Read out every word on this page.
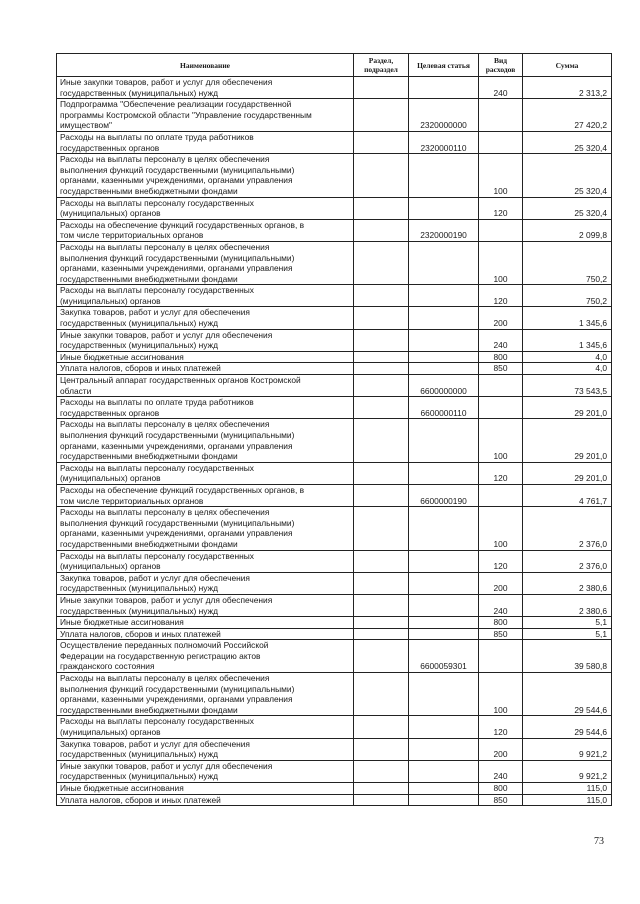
Наименование	Раздел, подраздел	Целевая статья	Вид расходов	Сумма
Иные закупки товаров, работ и услуг для обеспечения
государственных (муниципальных) нужд			240	2 313,2
Подпрограмма "Обеспечение реализации государственной
программы Костромской области "Управление государственным
имуществом"		2320000000		27 420,2
Расходы на выплаты по оплате труда работников
государственных органов		2320000110		25 320,4
Расходы на выплаты персоналу в целях обеспечения
выполнения функций государственными (муниципальными)
органами, казенными учреждениями, органами управления
государственными внебюджетными фондами			100	25 320,4
Расходы на выплаты персоналу государственных
(муниципальных) органов			120	25 320,4
Расходы на обеспечение функций государственных органов, в
том числе территориальных органов		2320000190		2 099,8
Расходы на выплаты персоналу в целях обеспечения
выполнения функций государственными (муниципальными)
органами, казенными учреждениями, органами управления
государственными внебюджетными фондами			100	750,2
Расходы на выплаты персоналу государственных
(муниципальных) органов			120	750,2
Закупка товаров, работ и услуг для обеспечения
государственных (муниципальных) нужд			200	1 345,6
Иные закупки товаров, работ и услуг для обеспечения
государственных (муниципальных) нужд			240	1 345,6
Иные бюджетные ассигнования			800	4,0
Уплата налогов, сборов и иных платежей			850	4,0
Центральный аппарат государственных органов Костромской
области		6600000000		73 543,5
Расходы на выплаты по оплате труда работников
государственных органов		6600000110		29 201,0
Расходы на выплаты персоналу в целях обеспечения
выполнения функций государственными (муниципальными)
органами, казенными учреждениями, органами управления
государственными внебюджетными фондами			100	29 201,0
Расходы на выплаты персоналу государственных
(муниципальных) органов			120	29 201,0
Расходы на обеспечение функций государственных органов, в
том числе территориальных органов		6600000190		4 761,7
Расходы на выплаты персоналу в целях обеспечения
выполнения функций государственными (муниципальными)
органами, казенными учреждениями, органами управления
государственными внебюджетными фондами			100	2 376,0
Расходы на выплаты персоналу государственных
(муниципальных) органов			120	2 376,0
Закупка товаров, работ и услуг для обеспечения
государственных (муниципальных) нужд			200	2 380,6
Иные закупки товаров, работ и услуг для обеспечения
государственных (муниципальных) нужд			240	2 380,6
Иные бюджетные ассигнования			800	5,1
Уплата налогов, сборов и иных платежей			850	5,1
Осуществление переданных полномочий Российской
Федерации на государственную регистрацию актов
гражданского состояния		6600059301		39 580,8
Расходы на выплаты персоналу в целях обеспечения
выполнения функций государственными (муниципальными)
органами, казенными учреждениями, органами управления
государственными внебюджетными фондами			100	29 544,6
Расходы на выплаты персоналу государственных
(муниципальных) органов			120	29 544,6
Закупка товаров, работ и услуг для обеспечения
государственных (муниципальных) нужд			200	9 921,2
Иные закупки товаров, работ и услуг для обеспечения
государственных (муниципальных) нужд			240	9 921,2
Иные бюджетные ассигнования			800	115,0
Уплата налогов, сборов и иных платежей			850	115,0
73
